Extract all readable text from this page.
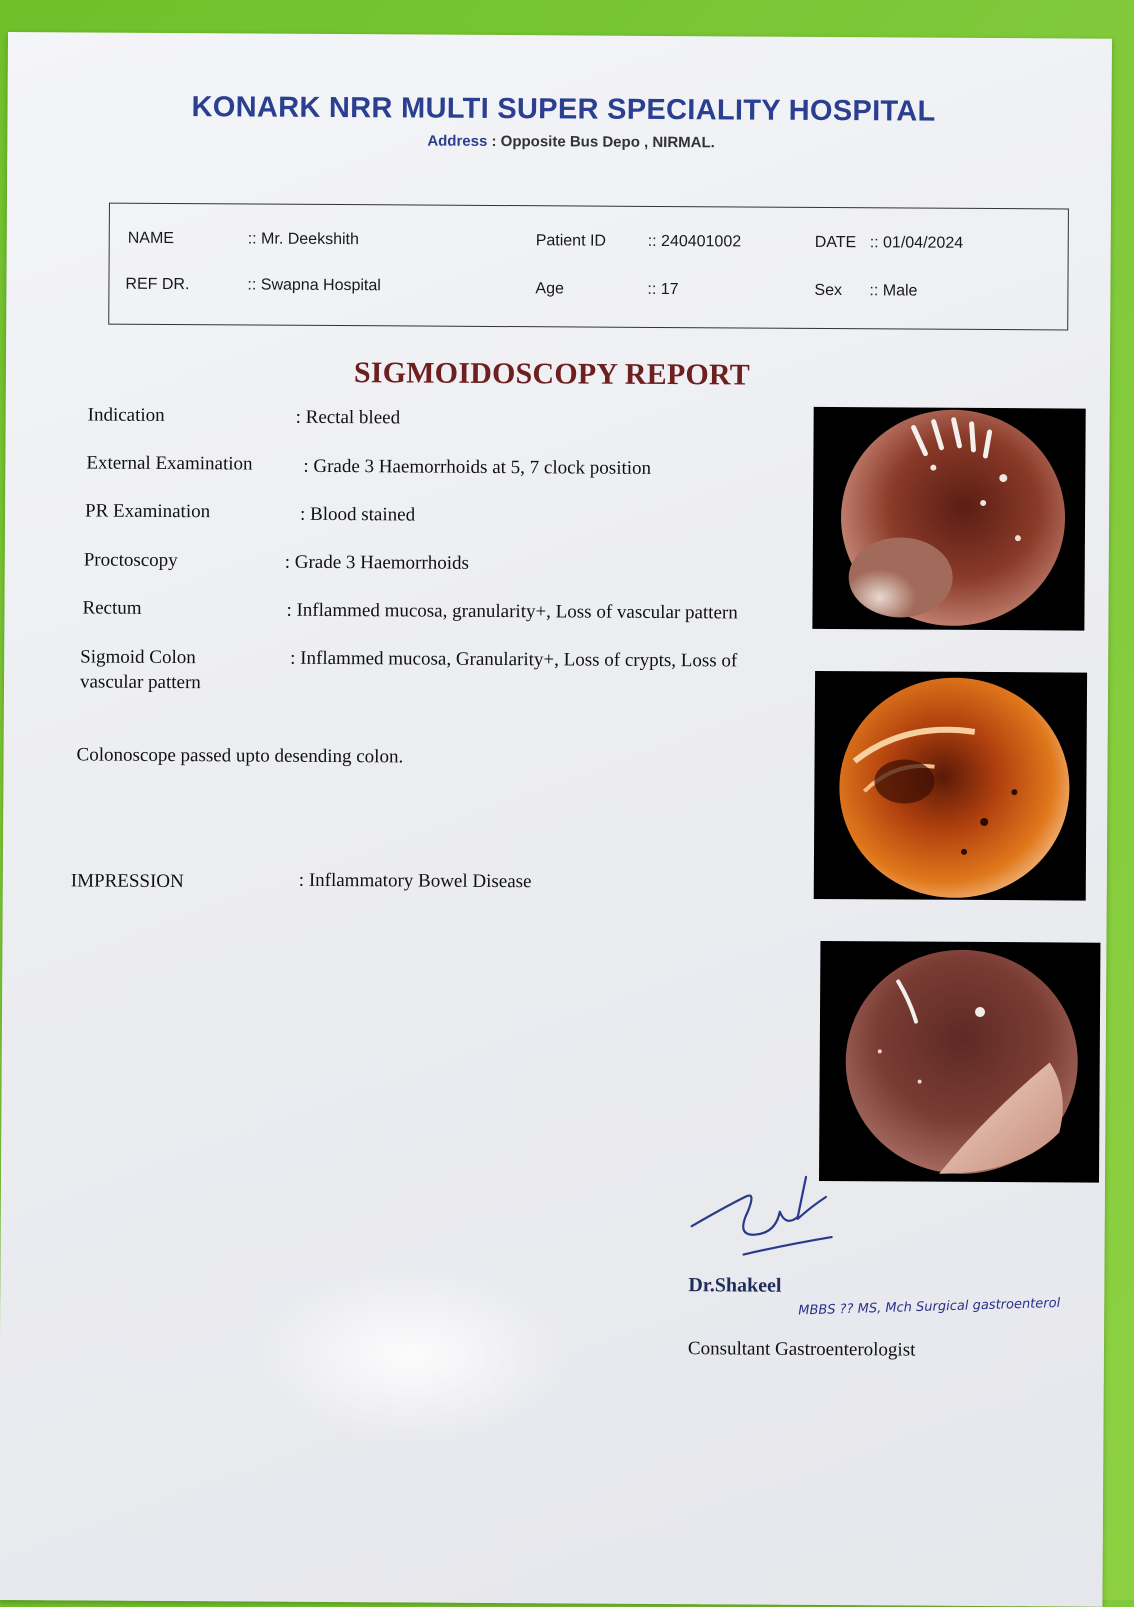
KONARK NRR MULTI SUPER SPECIALITY HOSPITAL
Address : Opposite Bus Depo , NIRMAL.
NAME	:: Mr. Deekshith	Patient ID	:: 240401002	DATE :: 01/04/2024
REF DR.	:: Swapna Hospital	Age	:: 17	Sex :: Male
SIGMOIDOSCOPY REPORT
Indication	: Rectal bleed
External Examination	: Grade 3 Haemorrhoids at 5, 7 clock position
PR Examination	: Blood stained
Proctoscopy	: Grade 3 Haemorrhoids
Rectum	: Inflammed mucosa, granularity+, Loss of vascular pattern
Sigmoid Colon	: Inflammed mucosa, Granularity+, Loss of crypts, Loss of
vascular pattern
Colonoscope passed upto desending colon.
IMPRESSION	: Inflammatory Bowel Disease
Dr.Shakeel
MBBS ?? MS, Mch Surgical gastroenterol
Consultant Gastroenterologist
